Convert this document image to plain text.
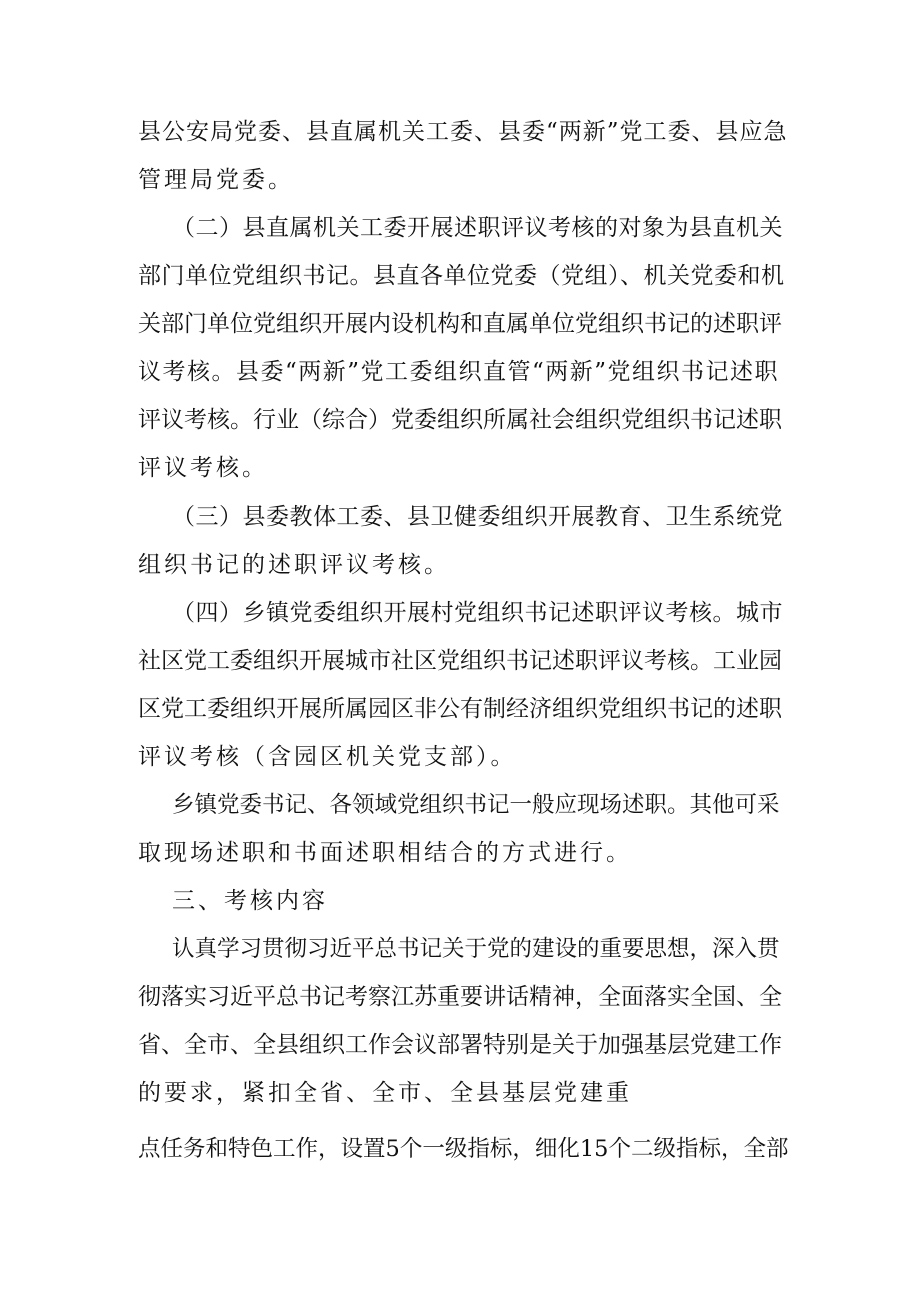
县公安局党委、县直属机关工委、县委“两新”党工委、县应急
管理局党委。
（二）县直属机关工委开展述职评议考核的对象为县直机关
部门单位党组织书记。县直各单位党委（党组）、机关党委和机
关部门单位党组织开展内设机构和直属单位党组织书记的述职评
议考核。县委“两新”党工委组织直管“两新”党组织书记述职
评议考核。行业（综合）党委组织所属社会组织党组织书记述职
评议考核。
（三）县委教体工委、县卫健委组织开展教育、卫生系统党
组织书记的述职评议考核。
（四）乡镇党委组织开展村党组织书记述职评议考核。城市
社区党工委组织开展城市社区党组织书记述职评议考核。工业园
区党工委组织开展所属园区非公有制经济组织党组织书记的述职
评议考核（含园区机关党支部）。
乡镇党委书记、各领域党组织书记一般应现场述职。其他可采
取现场述职和书面述职相结合的方式进行。
三、考核内容
认真学习贯彻习近平总书记关于党的建设的重要思想，深入贯
彻落实习近平总书记考察江苏重要讲话精神，全面落实全国、全
省、全市、全县组织工作会议部署特别是关于加强基层党建工作
的要求，紧扣全省、全市、全县基层党建重
点任务和特色工作，设置5个一级指标，细化15个二级指标，全部
